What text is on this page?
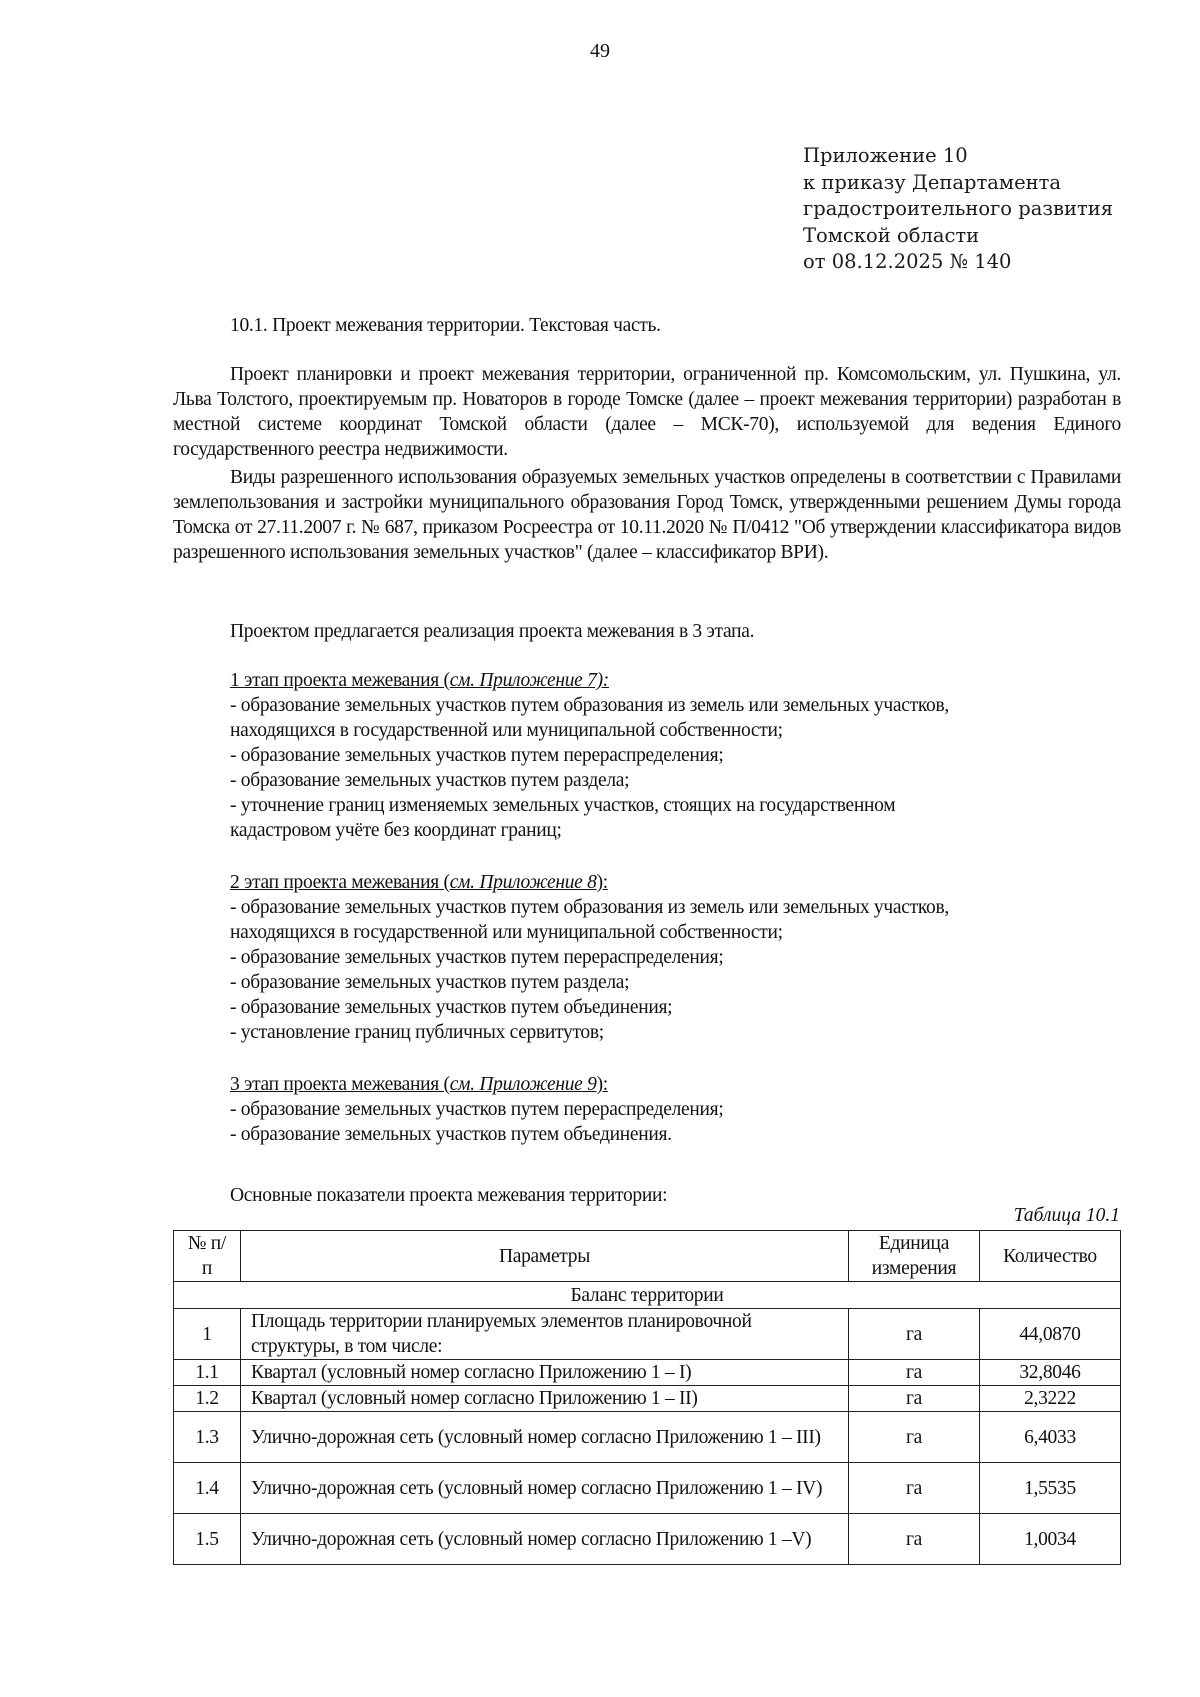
49
Приложение 10
к приказу Департамента
градостроительного развития
Томской области
от 08.12.2025 № 140
10.1. Проект межевания территории. Текстовая часть.
Проект планировки и проект межевания территории, ограниченной пр. Комсомольским, ул. Пушкина, ул. Льва Толстого, проектируемым пр. Новаторов в городе Томске (далее – проект межевания территории) разработан в местной системе координат Томской области (далее – МСК-70), используемой для ведения Единого государственного реестра недвижимости.
Виды разрешенного использования образуемых земельных участков определены в соответствии с Правилами землепользования и застройки муниципального образования Город Томск, утвержденными решением Думы города Томска от 27.11.2007 г. № 687, приказом Росреестра от 10.11.2020 № П/0412 "Об утверждении классификатора видов разрешенного использования земельных участков" (далее – классификатор ВРИ).
Проектом предлагается реализация проекта межевания в 3 этапа.
1 этап проекта межевания (см. Приложение 7):
- образование земельных участков путем образования из земель или земельных участков,
находящихся в государственной или муниципальной собственности;
- образование земельных участков путем перераспределения;
- образование земельных участков путем раздела;
- уточнение границ изменяемых земельных участков, стоящих на государственном
кадастровом учёте без координат границ;
2 этап проекта межевания (см. Приложение 8):
- образование земельных участков путем образования из земель или земельных участков,
находящихся в государственной или муниципальной собственности;
- образование земельных участков путем перераспределения;
- образование земельных участков путем раздела;
- образование земельных участков путем объединения;
- установление границ публичных сервитутов;
3 этап проекта межевания (см. Приложение 9):
- образование земельных участков путем перераспределения;
- образование земельных участков путем объединения.
Основные показатели проекта межевания территории:
Таблица 10.1
№ п/п	Параметры	Единица измерения	Количество
Баланс территории			
1	Площадь территории планируемых элементов планировочной структуры, в том числе:	га	44,0870
1.1	Квартал (условный номер согласно Приложению 1 – I)	га	32,8046
1.2	Квартал (условный номер согласно Приложению 1 – II)	га	2,3222
1.3	Улично-дорожная сеть (условный номер согласно Приложению 1 – III)	га	6,4033
1.4	Улично-дорожная сеть (условный номер согласно Приложению 1 – IV)	га	1,5535
1.5	Улично-дорожная сеть (условный номер согласно Приложению 1 –V)	га	1,0034
